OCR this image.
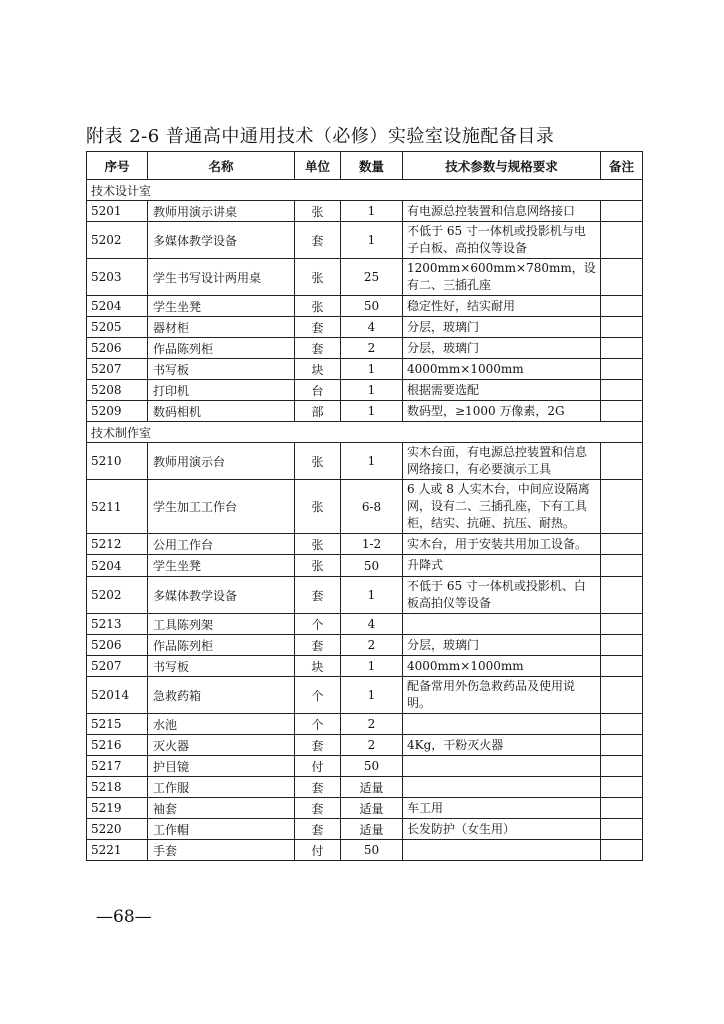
附表 2-6 普通高中通用技术（必修）实验室设施配备目录
序号	名称	单位	数量	技术参数与规格要求	备注
技术设计室					
5201	教师用演示讲桌	张	1	有电源总控装置和信息网络接口	
5202	多媒体教学设备	套	1	不低于 65 寸一体机或投影机与电子白板、高拍仪等设备	
5203	学生书写设计两用桌	张	25	1200mm×600mm×780mm，设有二、三插孔座	
5204	学生坐凳	张	50	稳定性好，结实耐用	
5205	器材柜	套	4	分层，玻璃门	
5206	作品陈列柜	套	2	分层，玻璃门	
5207	书写板	块	1	4000mm×1000mm	
5208	打印机	台	1	根据需要选配	
5209	数码相机	部	1	数码型，≥1000 万像素，2G	
技术制作室					
5210	教师用演示台	张	1	实木台面，有电源总控装置和信息网络接口，有必要演示工具	
5211	学生加工工作台	张	6-8	6 人或 8 人实木台，中间应设隔离网，设有二、三插孔座，下有工具柜，结实、抗砸、抗压、耐热。	
5212	公用工作台	张	1-2	实木台，用于安装共用加工设备。	
5204	学生坐凳	张	50	升降式	
5202	多媒体教学设备	套	1	不低于 65 寸一体机或投影机、白板高拍仪等设备	
5213	工具陈列架	个	4		
5206	作品陈列柜	套	2	分层，玻璃门	
5207	书写板	块	1	4000mm×1000mm	
52014	急救药箱	个	1	配备常用外伤急救药品及使用说明。	
5215	水池	个	2		
5216	灭火器	套	2	4Kg，干粉灭火器	
5217	护目镜	付	50		
5218	工作服	套	适量		
5219	袖套	套	适量	车工用	
5220	工作帽	套	适量	长发防护（女生用）	
5221	手套	付	50		
—68—
